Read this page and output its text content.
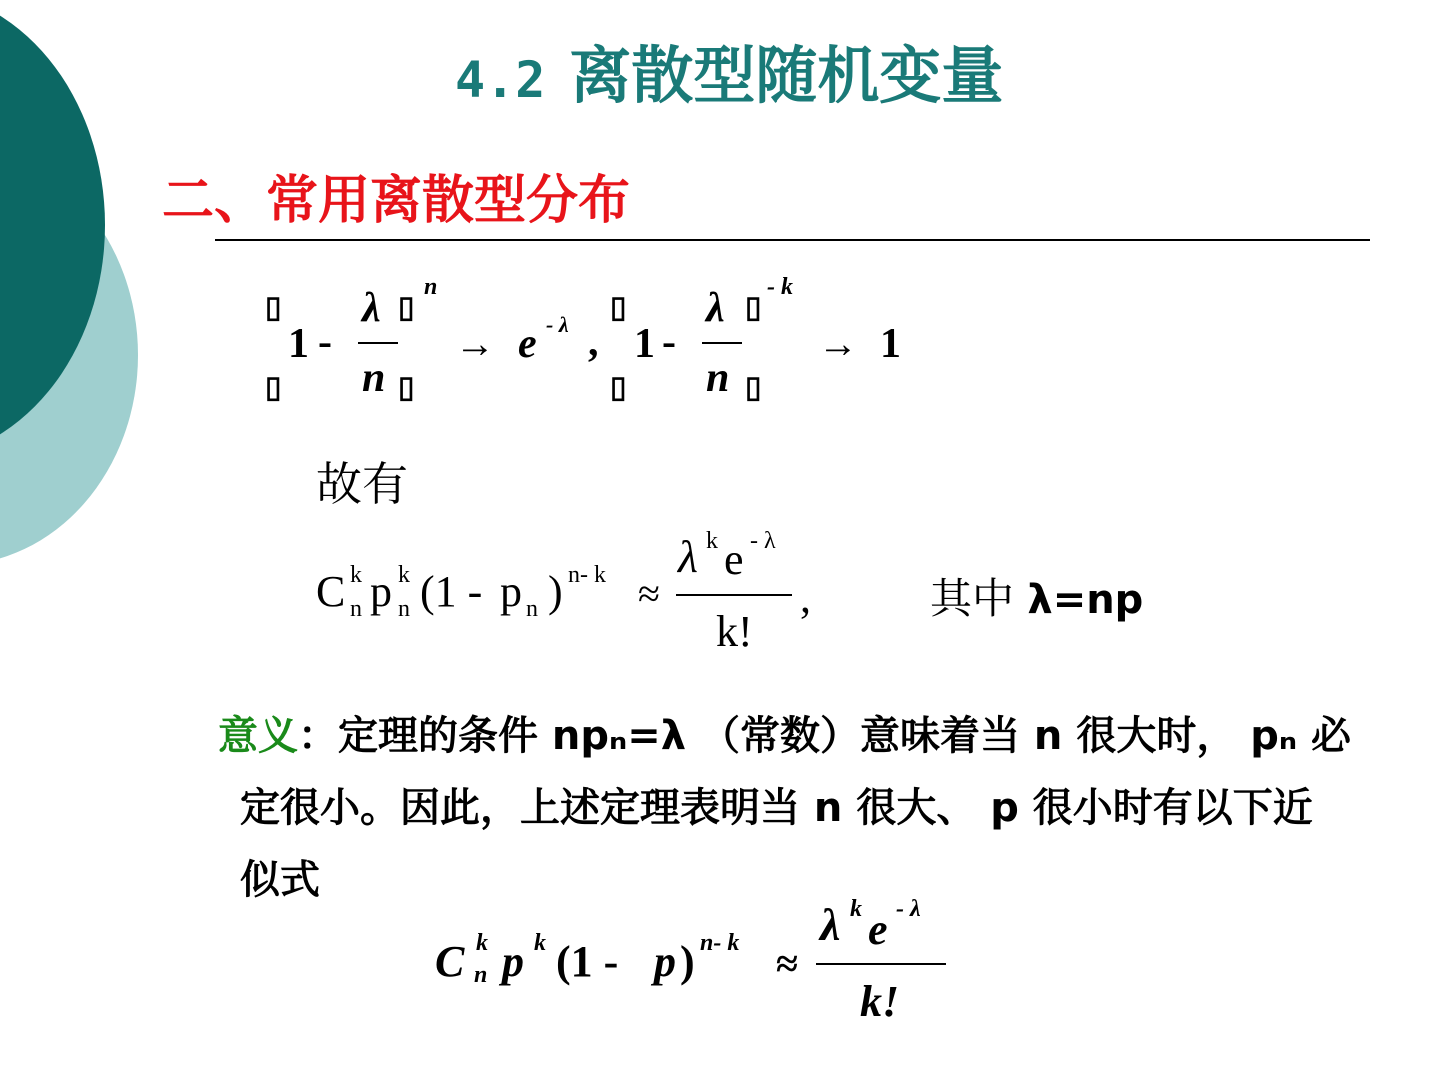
4.2 离散型随机变量
二、常用离散型分布
▯
▯
1 -
λ
n
▯
▯
n
→ e - λ ,
▯
▯
1 -
λ
n
▯
▯
- k
→ 1
故有
C k
n p k
n (1 - p n ) n- k ≈
λ k e - λ
k!
,	其中 λ=np
意义：定理的条件 npₙ=λ （常数）意味着当 n 很大时， pₙ 必
定很小。因此，上述定理表明当 n 很大、 p 很小时有以下近
似式
C k
n p k (1 - p ) n- k ≈
λ k e - λ
k!
